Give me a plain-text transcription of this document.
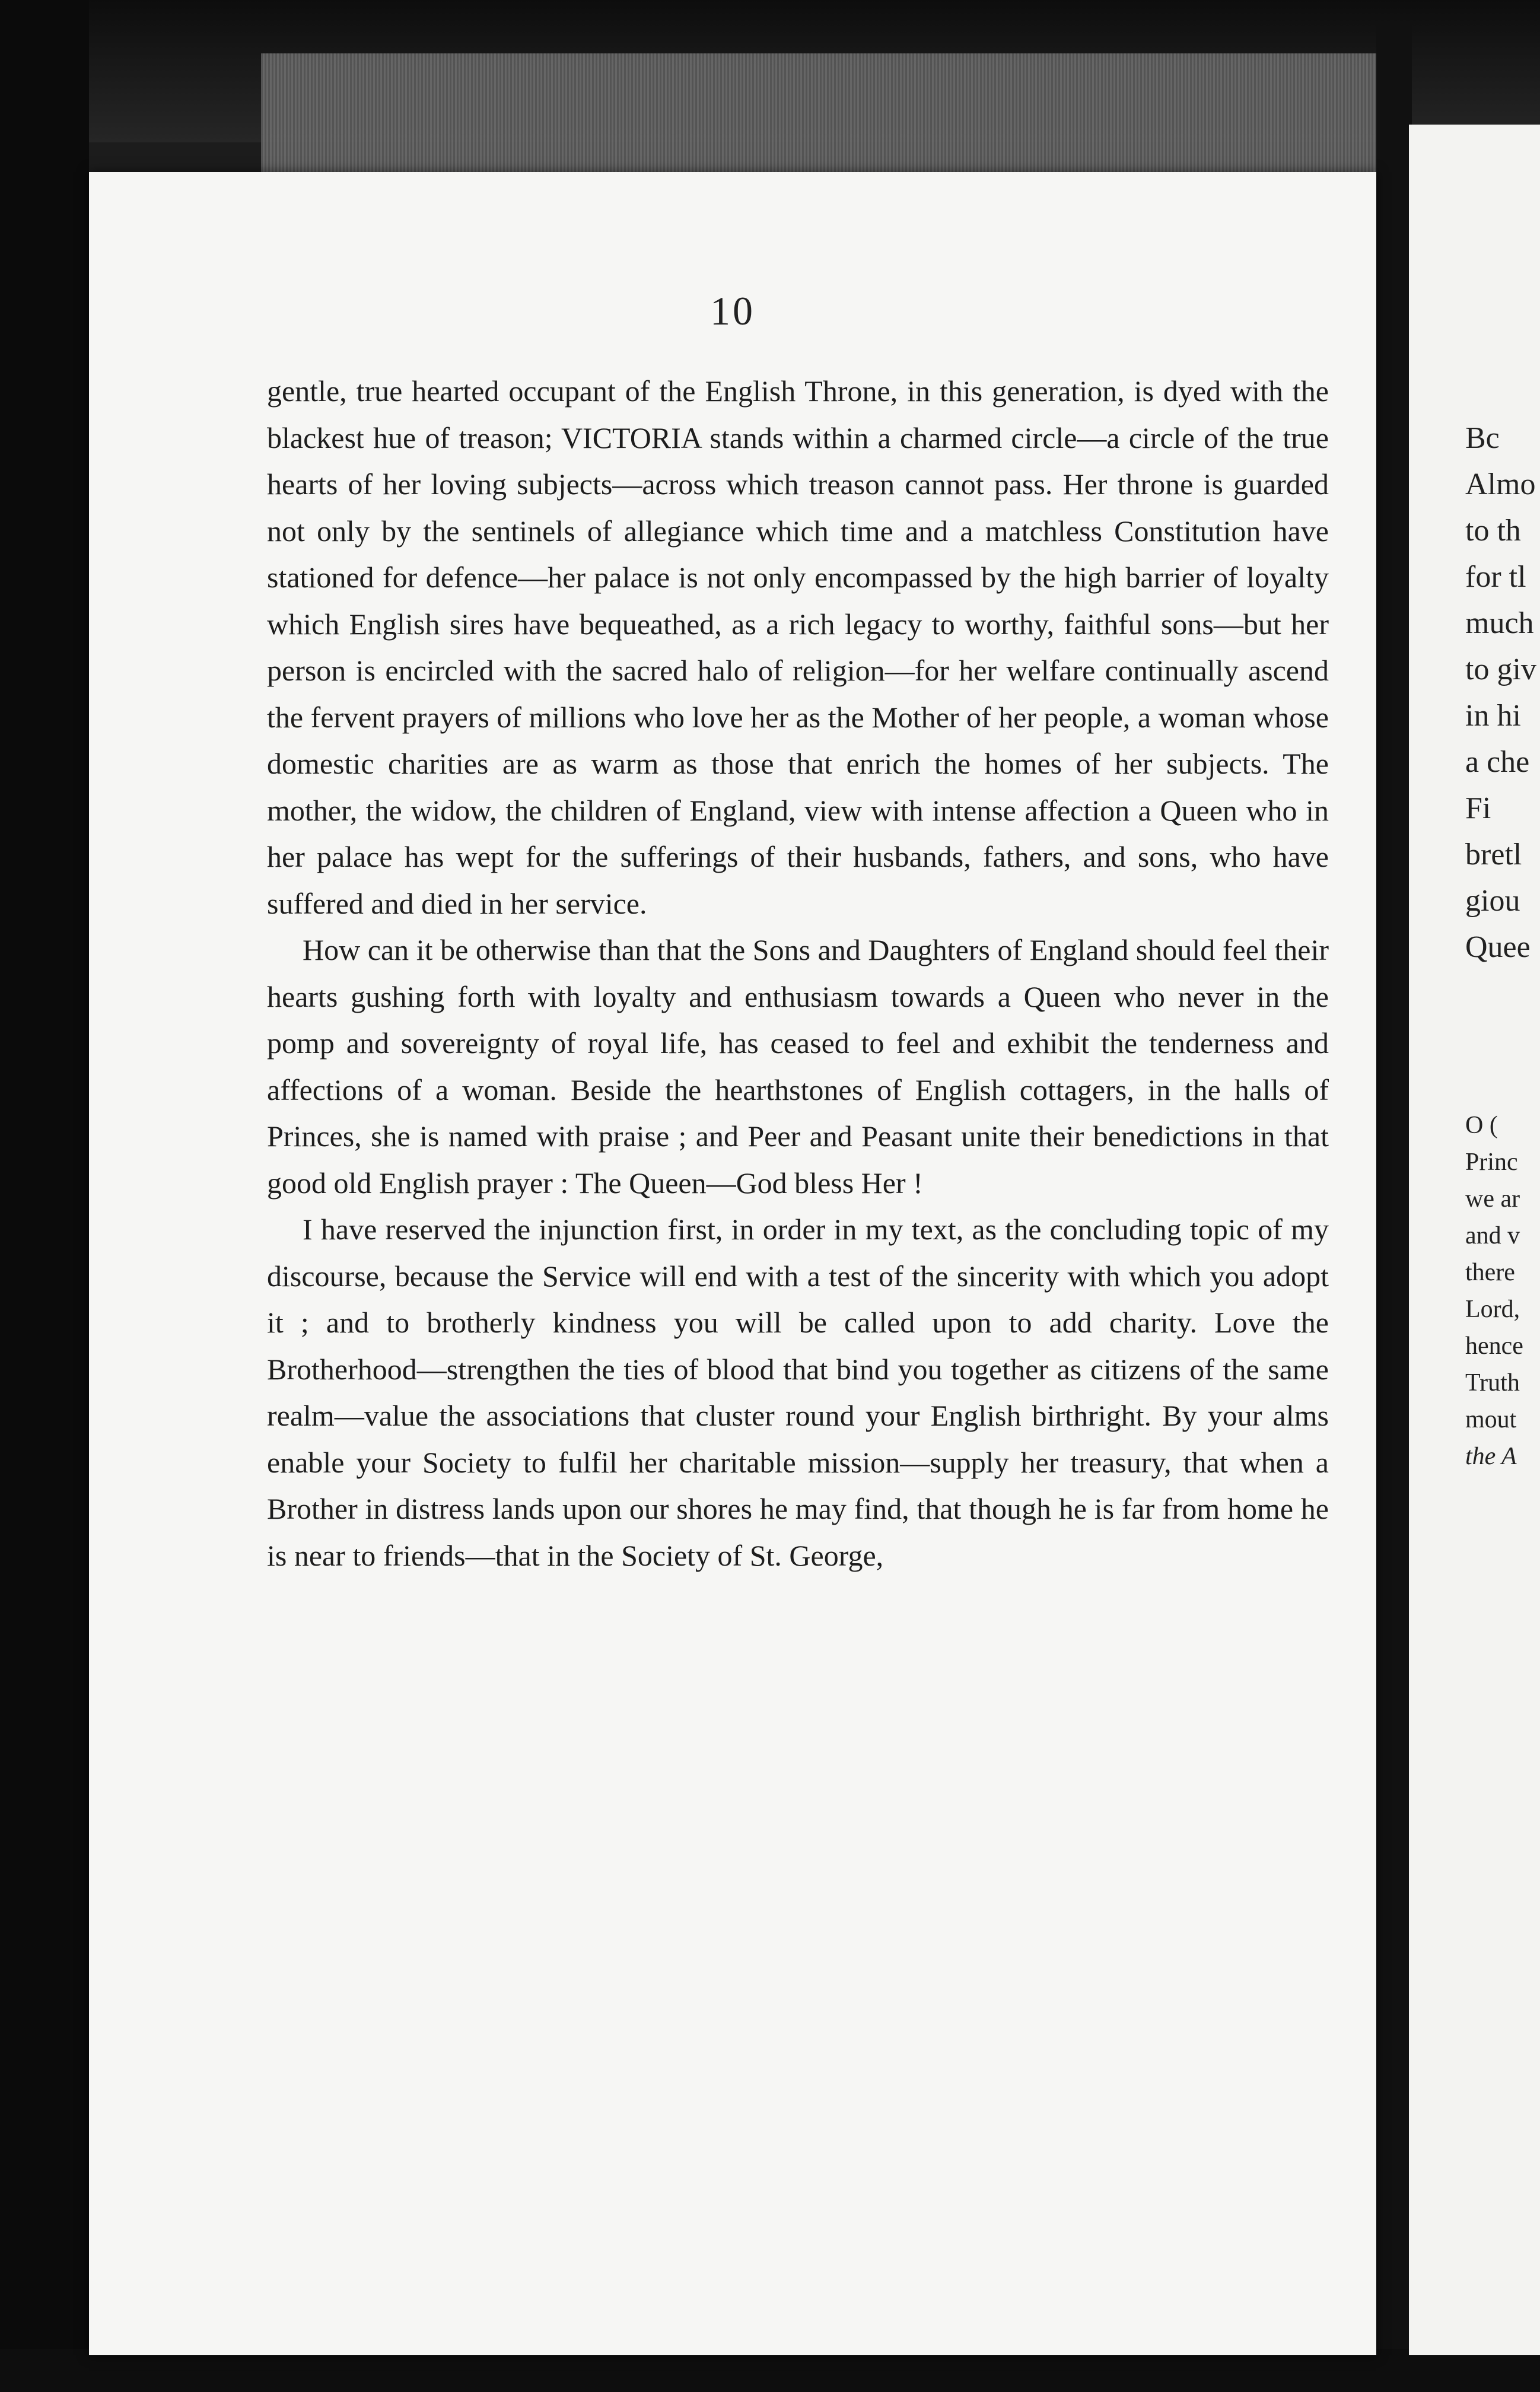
10

gentle, true hearted occupant of the English Throne, in this generation, is dyed with the blackest hue of treason; VICTORIA stands within a charmed circle—a circle of the true hearts of her loving subjects—across which treason cannot pass. Her throne is guarded not only by the sentinels of allegiance which time and a matchless Constitution have stationed for defence—her palace is not only encompassed by the high barrier of loyalty which English sires have bequeathed, as a rich legacy to worthy, faithful sons—but her person is encircled with the sacred halo of religion—for her welfare continually ascend the fervent prayers of millions who love her as the Mother of her people, a woman whose domestic charities are as warm as those that enrich the homes of her subjects. The mother, the widow, the children of England, view with intense affection a Queen who in her palace has wept for the sufferings of their husbands, fathers, and sons, who have suffered and died in her service.

How can it be otherwise than that the Sons and Daughters of England should feel their hearts gushing forth with loyalty and enthusiasm towards a Queen who never in the pomp and sovereignty of royal life, has ceased to feel and exhibit the tenderness and affections of a woman. Beside the hearthstones of English cottagers, in the halls of Princes, she is named with praise ; and Peer and Peasant unite their benedictions in that good old English prayer : The Queen—God bless Her !

I have reserved the injunction first, in order in my text, as the concluding topic of my discourse, because the Service will end with a test of the sincerity with which you adopt it ; and to brotherly kindness you will be called upon to add charity. Love the Brotherhood—strengthen the ties of blood that bind you together as citizens of the same realm—value the associations that cluster round your English birthright. By your alms enable your Society to fulfil her charitable mission—supply her treasury, that when a Brother in distress lands upon our shores he may find, that though he is far from home he is near to friends—that in the Society of St. George,

Bc
Almo
to th
for tl
much
to giv
in hi
a che
Fi
bretl
giou
Quee
O (
Princ
we ar
and v
there
Lord,
hence
Truth
mout
the A
